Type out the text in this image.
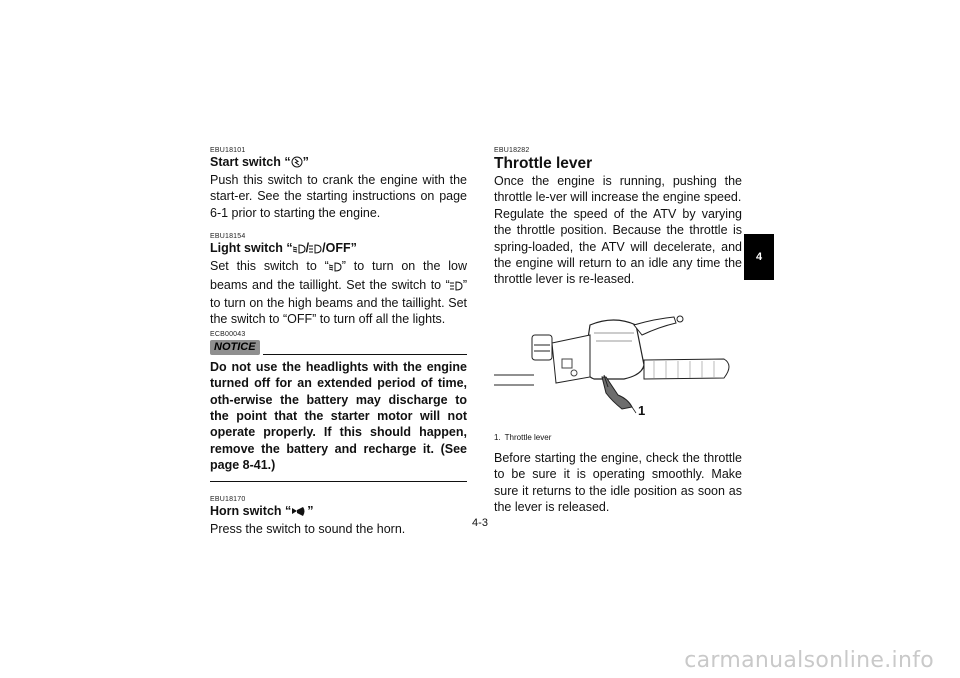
EBU18101
Start switch “ ”
Push this switch to crank the engine with the start-er. See the starting instructions on page 6-1 prior to starting the engine.
EBU18154
Light switch “ / /OFF”
Set this switch to “ ” to turn on the low beams and the taillight. Set the switch to “ ” to turn on the high beams and the taillight. Set the switch to “OFF” to turn off all the lights.
ECB00043
NOTICE
Do not use the headlights with the engine turned off for an extended period of time, oth-erwise the battery may discharge to the point that the starter motor will not operate properly. If this should happen, remove the battery and recharge it. (See page 8-41.)
EBU18170
Horn switch “ ”
Press the switch to sound the horn.
EBU18282
Throttle lever
Once the engine is running, pushing the throttle le-ver will increase the engine speed.
Regulate the speed of the ATV by varying the throttle position. Because the throttle is spring-loaded, the ATV will decelerate, and the engine will return to an idle any time the throttle lever is re-leased.
1
1. Throttle lever
Before starting the engine, check the throttle to be sure it is operating smoothly. Make sure it returns to the idle position as soon as the lever is released.
4
4-3
carmanualsonline.info
